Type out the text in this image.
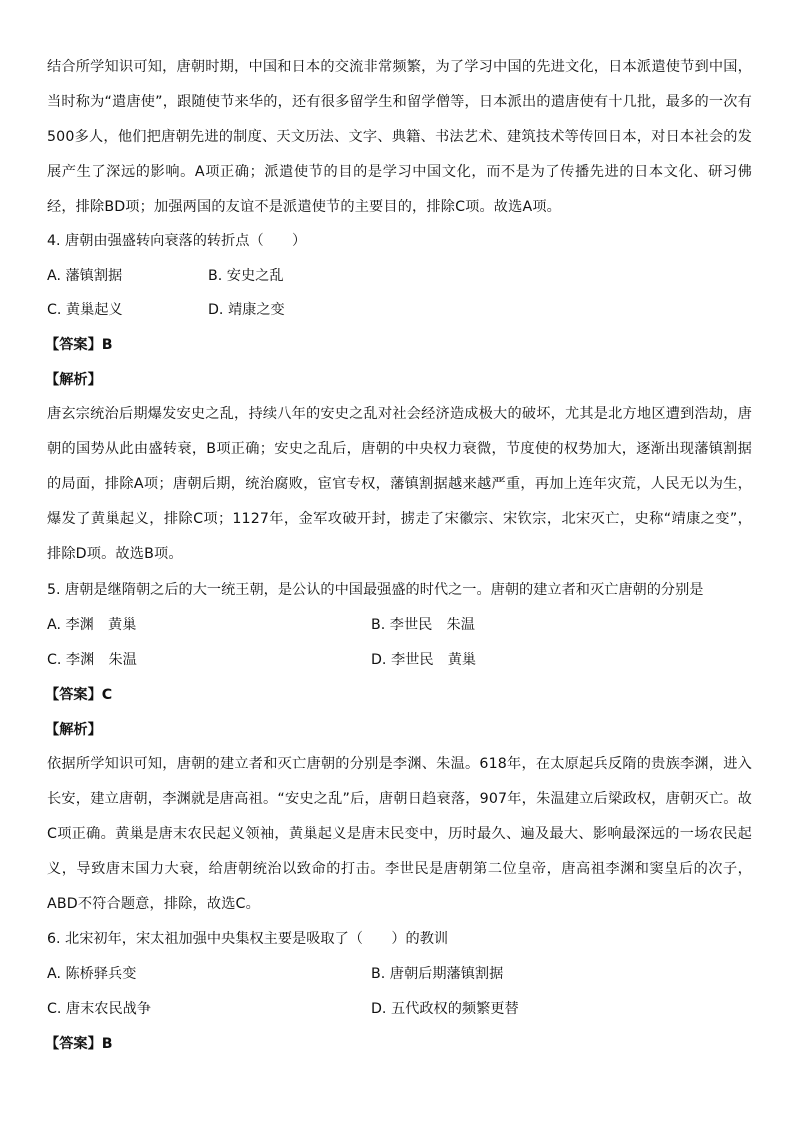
结合所学知识可知，唐朝时期，中国和日本的交流非常频繁，为了学习中国的先进文化，日本派遣使节到中国，当时称为“遣唐使”，跟随使节来华的，还有很多留学生和留学僧等，日本派出的遣唐使有十几批，最多的一次有500多人，他们把唐朝先进的制度、天文历法、文字、典籍、书法艺术、建筑技术等传回日本，对日本社会的发展产生了深远的影响。A项正确；派遣使节的目的是学习中国文化，而不是为了传播先进的日本文化、研习佛经，排除BD项；加强两国的友谊不是派遣使节的主要目的，排除C项。故选A项。
4. 唐朝由强盛转向衰落的转折点（　　）
A. 藩镇割据	B. 安史之乱
C. 黄巢起义	D. 靖康之变
【答案】B
【解析】
唐玄宗统治后期爆发安史之乱，持续八年的安史之乱对社会经济造成极大的破坏，尤其是北方地区遭到浩劫，唐朝的国势从此由盛转衰，B项正确；安史之乱后，唐朝的中央权力衰微，节度使的权势加大，逐渐出现藩镇割据的局面，排除A项；唐朝后期，统治腐败，宦官专权，藩镇割据越来越严重，再加上连年灾荒，人民无以为生，爆发了黄巢起义，排除C项；1127年，金军攻破开封，掳走了宋徽宗、宋钦宗，北宋灭亡，史称“靖康之变”，排除D项。故选B项。
5. 唐朝是继隋朝之后的大一统王朝，是公认的中国最强盛的时代之一。唐朝的建立者和灭亡唐朝的分别是
A. 李渊　黄巢	B. 李世民　朱温
C. 李渊　朱温	D. 李世民　黄巢
【答案】C
【解析】
依据所学知识可知，唐朝的建立者和灭亡唐朝的分别是李渊、朱温。618年，在太原起兵反隋的贵族李渊，进入长安，建立唐朝，李渊就是唐高祖。“安史之乱”后，唐朝日趋衰落，907年，朱温建立后梁政权，唐朝灭亡。故C项正确。黄巢是唐末农民起义领袖，黄巢起义是唐末民变中，历时最久、遍及最大、影响最深远的一场农民起义，导致唐末国力大衰，给唐朝统治以致命的打击。李世民是唐朝第二位皇帝，唐高祖李渊和窦皇后的次子，ABD不符合题意，排除，故选C。
6. 北宋初年，宋太祖加强中央集权主要是吸取了（　　）的教训
A. 陈桥驿兵变	B. 唐朝后期藩镇割据
C. 唐末农民战争	D. 五代政权的频繁更替
【答案】B
